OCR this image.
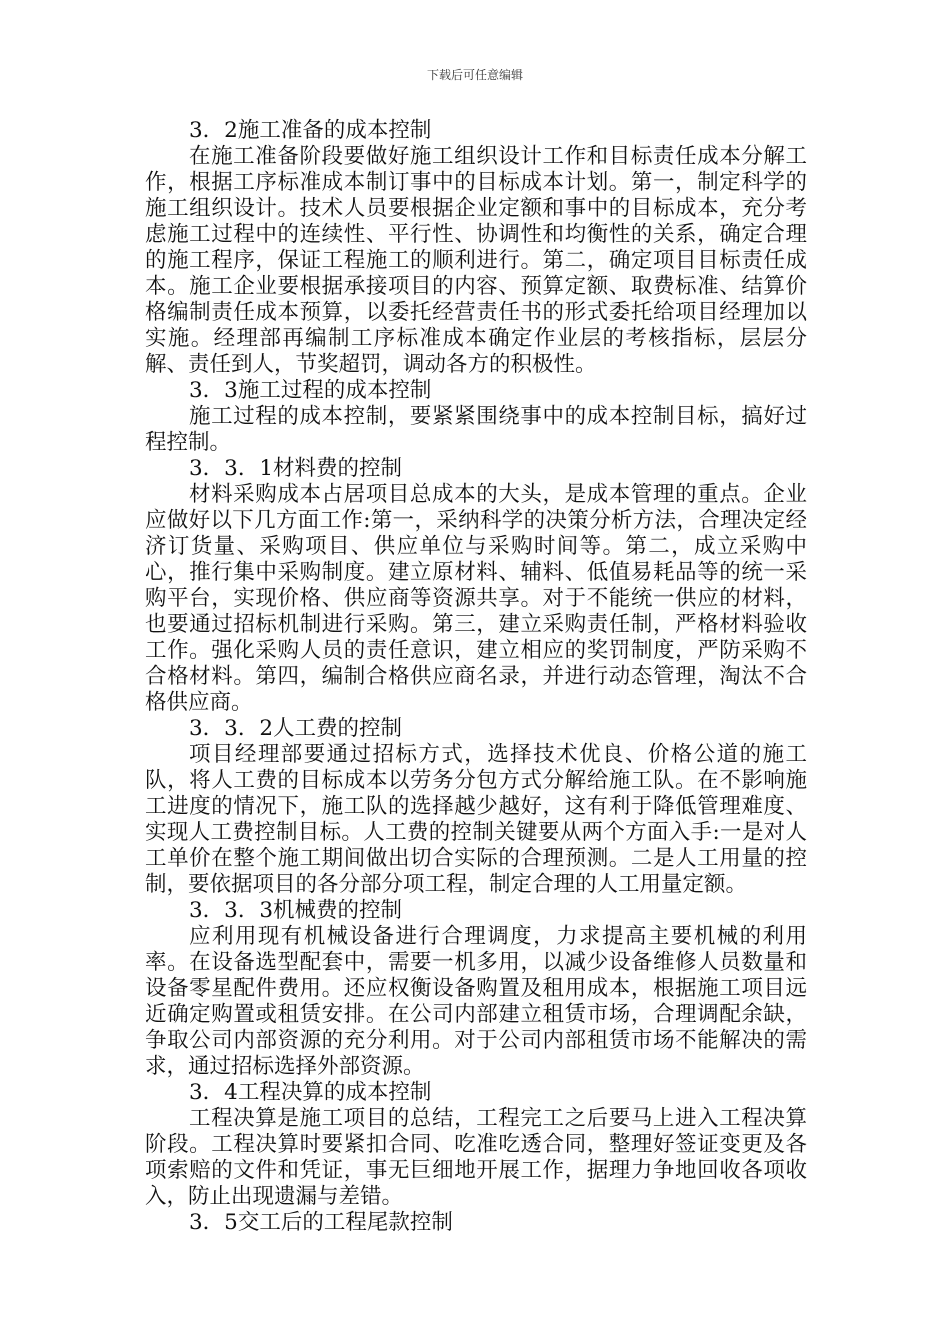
下载后可任意编辑

3．2施工准备的成本控制

在施工准备阶段要做好施工组织设计工作和目标责任成本分解工作，根据工序标准成本制订事中的目标成本计划。第一，制定科学的施工组织设计。技术人员要根据企业定额和事中的目标成本，充分考虑施工过程中的连续性、平行性、协调性和均衡性的关系，确定合理的施工程序，保证工程施工的顺利进行。第二，确定项目目标责任成本。施工企业要根据承接项目的内容、预算定额、取费标准、结算价格编制责任成本预算，以委托经营责任书的形式委托给项目经理加以实施。经理部再编制工序标准成本确定作业层的考核指标，层层分解、责任到人，节奖超罚，调动各方的积极性。

3．3施工过程的成本控制

施工过程的成本控制，要紧紧围绕事中的成本控制目标，搞好过程控制。

3．3．1材料费的控制

材料采购成本占居项目总成本的大头，是成本管理的重点。企业应做好以下几方面工作:第一，采纳科学的决策分析方法，合理决定经济订货量、采购项目、供应单位与采购时间等。第二，成立采购中心，推行集中采购制度。建立原材料、辅料、低值易耗品等的统一采购平台，实现价格、供应商等资源共享。对于不能统一供应的材料，也要通过招标机制进行采购。第三，建立采购责任制，严格材料验收工作。强化采购人员的责任意识，建立相应的奖罚制度，严防采购不合格材料。第四，编制合格供应商名录，并进行动态管理，淘汰不合格供应商。

3．3．2人工费的控制

项目经理部要通过招标方式，选择技术优良、价格公道的施工队，将人工费的目标成本以劳务分包方式分解给施工队。在不影响施工进度的情况下，施工队的选择越少越好，这有利于降低管理难度、实现人工费控制目标。人工费的控制关键要从两个方面入手:一是对人工单价在整个施工期间做出切合实际的合理预测。二是人工用量的控制，要依据项目的各分部分项工程，制定合理的人工用量定额。

3．3．3机械费的控制

应利用现有机械设备进行合理调度，力求提高主要机械的利用率。在设备选型配套中，需要一机多用，以减少设备维修人员数量和设备零星配件费用。还应权衡设备购置及租用成本，根据施工项目远近确定购置或租赁安排。在公司内部建立租赁市场，合理调配余缺，争取公司内部资源的充分利用。对于公司内部租赁市场不能解决的需求，通过招标选择外部资源。

3．4工程决算的成本控制

工程决算是施工项目的总结，工程完工之后要马上进入工程决算阶段。工程决算时要紧扣合同、吃准吃透合同，整理好签证变更及各项索赔的文件和凭证，事无巨细地开展工作，据理力争地回收各项收入，防止出现遗漏与差错。

3．5交工后的工程尾款控制
